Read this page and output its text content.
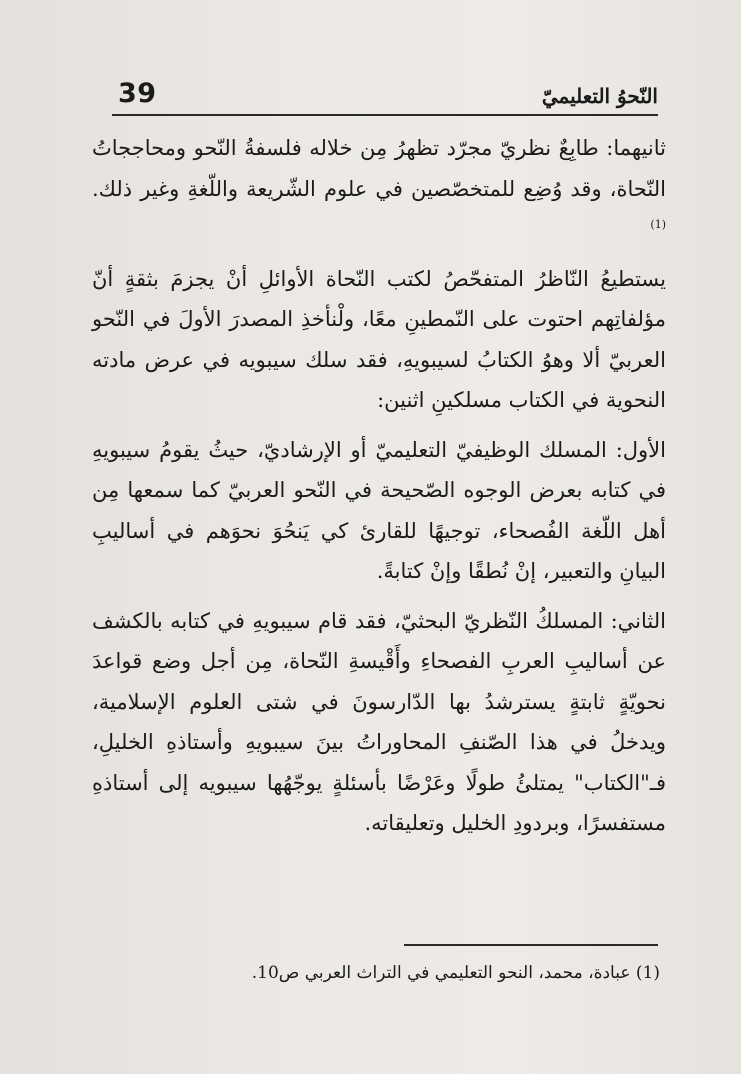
39	النّحوُ التعليميّ

ثانيهما: طابِعٌ نظريّ مجرّد تظهرُ مِن خلاله فلسفةُ النّحو ومحاججاتُ النّحاة، وقد وُضِع للمتخصّصين في علوم الشّريعة واللّغةِ وغير ذلك.$^{(1)}$

يستطيعُ النّاظرُ المتفحّصُ لكتب النّحاة الأوائلِ أنْ يجزمَ بثقةٍ أنّ مؤلفاتِهم احتوت على النّمطينِ معًا، ولْنأخذِ المصدرَ الأولَ في النّحو العربيّ ألا وهوُ الكتابُ لسيبويهِ، فقد سلك سيبويه في عرض مادته النحوية في الكتاب مسلكينِ اثنين:

الأول: المسلك الوظيفيّ التعليميّ أو الإرشاديّ، حيثُ يقومُ سيبويهِ في كتابه بعرض الوجوه الصّحيحة في النّحو العربيّ كما سمعها مِن أهل اللّغة الفُصحاء، توجيهًا للقارئ كي يَنحُوَ نحوَهم في أساليبِ البيانِ والتعبير، إنْ نُطقًا وإنْ كتابةً.

الثاني: المسلكُ النّظريّ البحثيّ، فقد قام سيبويهِ في كتابه بالكشف عن أساليبِ العربِ الفصحاءِ وأَقْيسةِ النّحاة، مِن أجل وضع قواعدَ نحويّةٍ ثابتةٍ يسترشدُ بها الدّارسونَ في شتى العلوم الإسلامية، ويدخلُ في هذا الصّنفِ المحاوراتُ بينَ سيبويهِ وأستاذهِ الخليلِ، فـ"الكتاب" يمتلئُ طولًا وعَرْضًا بأسئلةٍ يوجّهُها سيبويه إلى أستاذهِ مستفسرًا، وبردودِ الخليل وتعليقاته.

(1) عبادة، محمد، النحو التعليمي في التراث العربي ص10.
